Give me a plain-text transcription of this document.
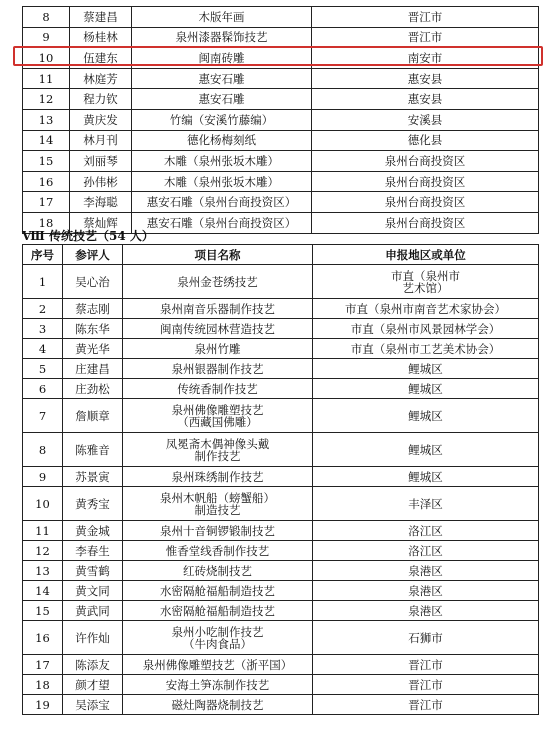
8	蔡建昌	木版年画	晋江市
9	杨桂林	泉州漆器髹饰技艺	晋江市
10	伍建东	闽南砖雕	南安市
11	林庭芳	惠安石雕	惠安县
12	程力钦	惠安石雕	惠安县
13	黄庆发	竹编（安溪竹藤编）	安溪县
14	林月刊	德化杨梅刻纸	德化县
15	刘丽琴	木雕（泉州张坂木雕）	泉州台商投资区
16	孙伟彬	木雕（泉州张坂木雕）	泉州台商投资区
17	李海聪	惠安石雕（泉州台商投资区）	泉州台商投资区
18	蔡灿辉	惠安石雕（泉州台商投资区）	泉州台商投资区
Ⅷ 传统技艺（54 人）
序号	参评人	项目名称	申报地区或单位
1	吴心治	泉州金苍绣技艺	市直（泉州市
艺术馆）
2	蔡志刚	泉州南音乐器制作技艺	市直（泉州市南音艺术家协会）
3	陈东华	闽南传统园林营造技艺	市直（泉州市风景园林学会）
4	黄光华	泉州竹雕	市直（泉州市工艺美术协会）
5	庄建昌	泉州银器制作技艺	鲤城区
6	庄劲松	传统香制作技艺	鲤城区
7	詹顺章	泉州佛像雕塑技艺
（西藏国佛雕）	鲤城区
8	陈雅音	凤冕斋木偶神像头戴
制作技艺	鲤城区
9	苏景寅	泉州珠绣制作技艺	鲤城区
10	黄秀宝	泉州木帆船（螃蟹船）
制造技艺	丰泽区
11	黄金城	泉州十音铜锣锻制技艺	洛江区
12	李春生	惟香堂线香制作技艺	洛江区
13	黄雪鹤	红砖烧制技艺	泉港区
14	黄文同	水密隔舱福船制造技艺	泉港区
15	黄武同	水密隔舱福船制造技艺	泉港区
16	许作灿	泉州小吃制作技艺
（牛肉食品）	石狮市
17	陈添友	泉州佛像雕塑技艺（浙平国）	晋江市
18	颜才望	安海土笋冻制作技艺	晋江市
19	吴添宝	磁灶陶器烧制技艺	晋江市
